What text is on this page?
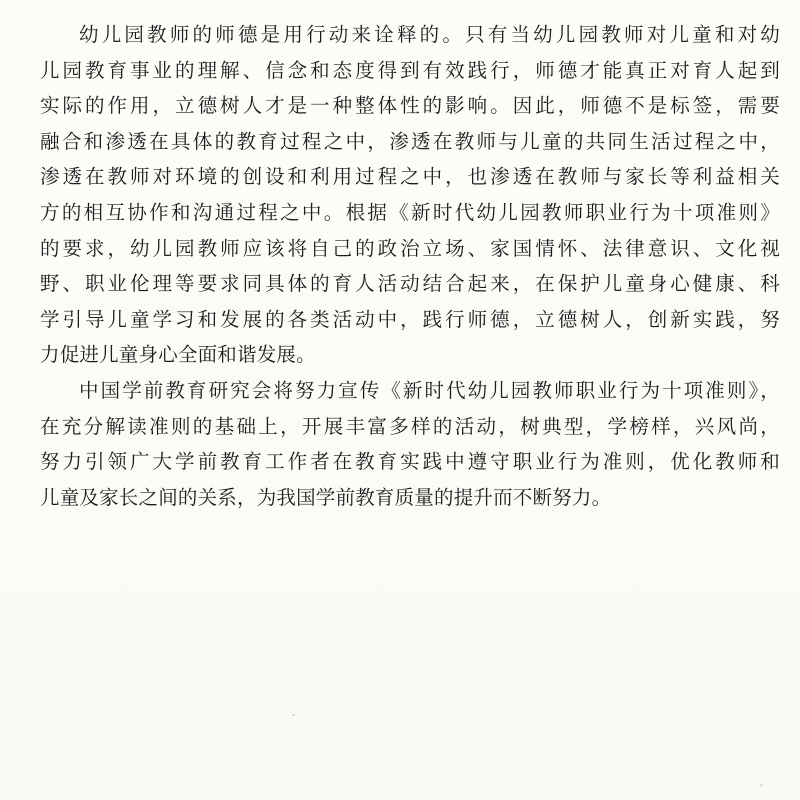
幼儿园教师的师德是用行动来诠释的。只有当幼儿园教师对儿童和对幼
儿园教育事业的理解、信念和态度得到有效践行，师德才能真正对育人起到
实际的作用，立德树人才是一种整体性的影响。因此，师德不是标签，需要
融合和渗透在具体的教育过程之中，渗透在教师与儿童的共同生活过程之中，
渗透在教师对环境的创设和利用过程之中，也渗透在教师与家长等利益相关
方的相互协作和沟通过程之中。根据《新时代幼儿园教师职业行为十项准则》
的要求，幼儿园教师应该将自己的政治立场、家国情怀、法律意识、文化视
野、职业伦理等要求同具体的育人活动结合起来，在保护儿童身心健康、科
学引导儿童学习和发展的各类活动中，践行师德，立德树人，创新实践，努
力促进儿童身心全面和谐发展。

中国学前教育研究会将努力宣传《新时代幼儿园教师职业行为十项准则》，
在充分解读准则的基础上，开展丰富多样的活动，树典型，学榜样，兴风尚，
努力引领广大学前教育工作者在教育实践中遵守职业行为准则，优化教师和
儿童及家长之间的关系，为我国学前教育质量的提升而不断努力。
